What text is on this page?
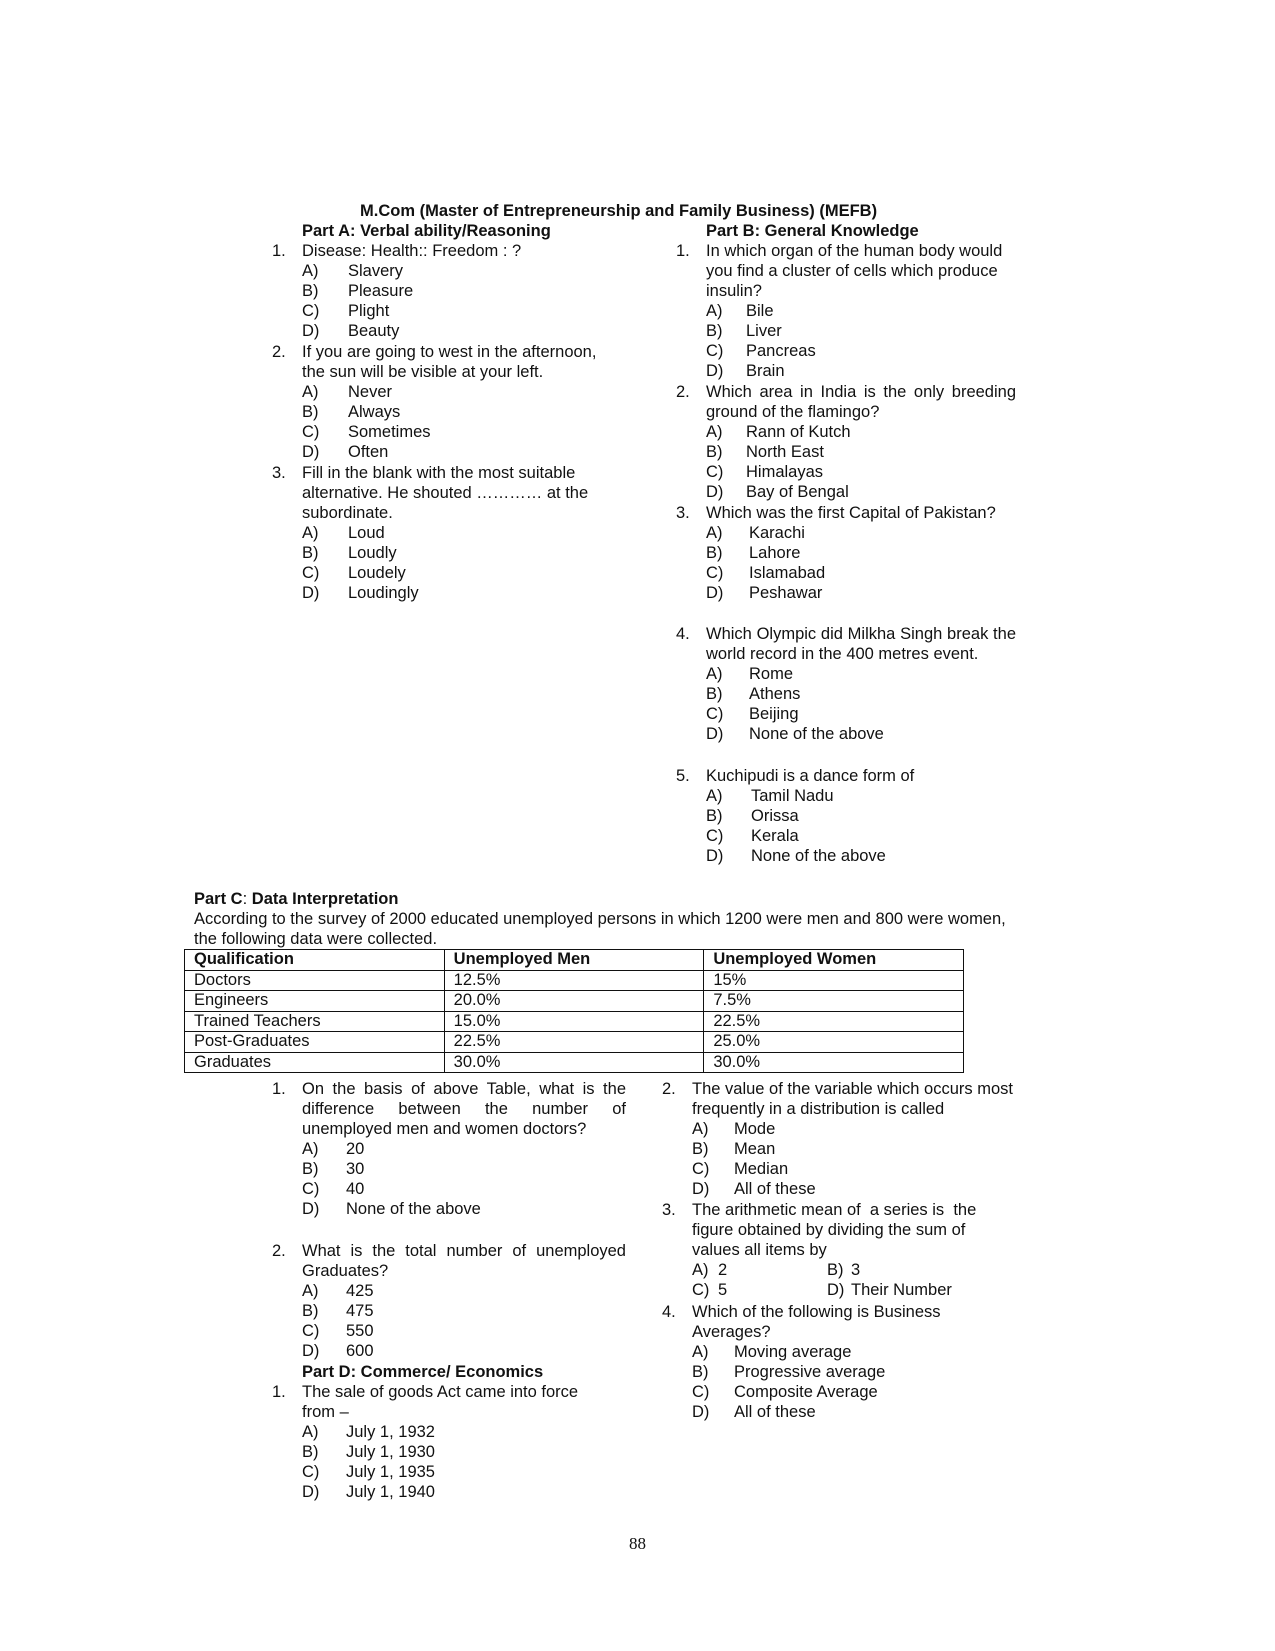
M.Com (Master of Entrepreneurship and Family Business) (MEFB)
Part A: Verbal ability/Reasoning
1. Disease: Health:: Freedom : ?
A)	Slavery
B)	Pleasure
C)	Plight
D)	Beauty
2. If you are going to west in the afternoon, the sun will be visible at your left.
A)	Never
B)	Always
C)	Sometimes
D)	Often
3. Fill in the blank with the most suitable alternative. He shouted ………… at the subordinate.
A)	Loud
B)	Loudly
C)	Loudely
D)	Loudingly
Part B: General Knowledge
1. In which organ of the human body would you find a cluster of cells which produce insulin?
A)	Bile
B)	Liver
C)	Pancreas
D)	Brain
2. Which area in India is the only breeding ground of the flamingo?
A)	Rann of Kutch
B)	North East
C)	Himalayas
D)	Bay of Bengal
3. Which was the first Capital of Pakistan?
A)	Karachi
B)	Lahore
C)	Islamabad
D)	Peshawar
4. Which Olympic did Milkha Singh break the world record in the 400 metres event.
A)	Rome
B)	Athens
C)	Beijing
D)	None of the above
5. Kuchipudi is a dance form of
A)	Tamil Nadu
B)	Orissa
C)	Kerala
D)	None of the above
Part C: Data Interpretation
According to the survey of 2000 educated unemployed persons in which 1200 were men and 800 were women,
the following data were collected.
Qualification	Unemployed Men	Unemployed Women
Doctors	12.5%	15%
Engineers	20.0%	7.5%
Trained Teachers	15.0%	22.5%
Post-Graduates	22.5%	25.0%
Graduates	30.0%	30.0%
1. On the basis of above Table, what is the difference between the number of unemployed men and women doctors?
A)	20
B)	30
C)	40
D)	None of the above
2. What is the total number of unemployed Graduates?
A)	425
B)	475
C)	550
D)	600
Part D: Commerce/ Economics
1. The sale of goods Act came into force from –
A)	July 1, 1932
B)	July 1, 1930
C)	July 1, 1935
D)	July 1, 1940
2. The value of the variable which occurs most frequently in a distribution is called
A)	Mode
B)	Mean
C)	Median
D)	All of these
3. The arithmetic mean of  a series is  the figure obtained by dividing the sum of values all items by
A) 2	B) 3
C) 5	D) Their Number
4. Which of the following is Business Averages?
A)	Moving average
B)	Progressive average
C)	Composite Average
D)	All of these
88
